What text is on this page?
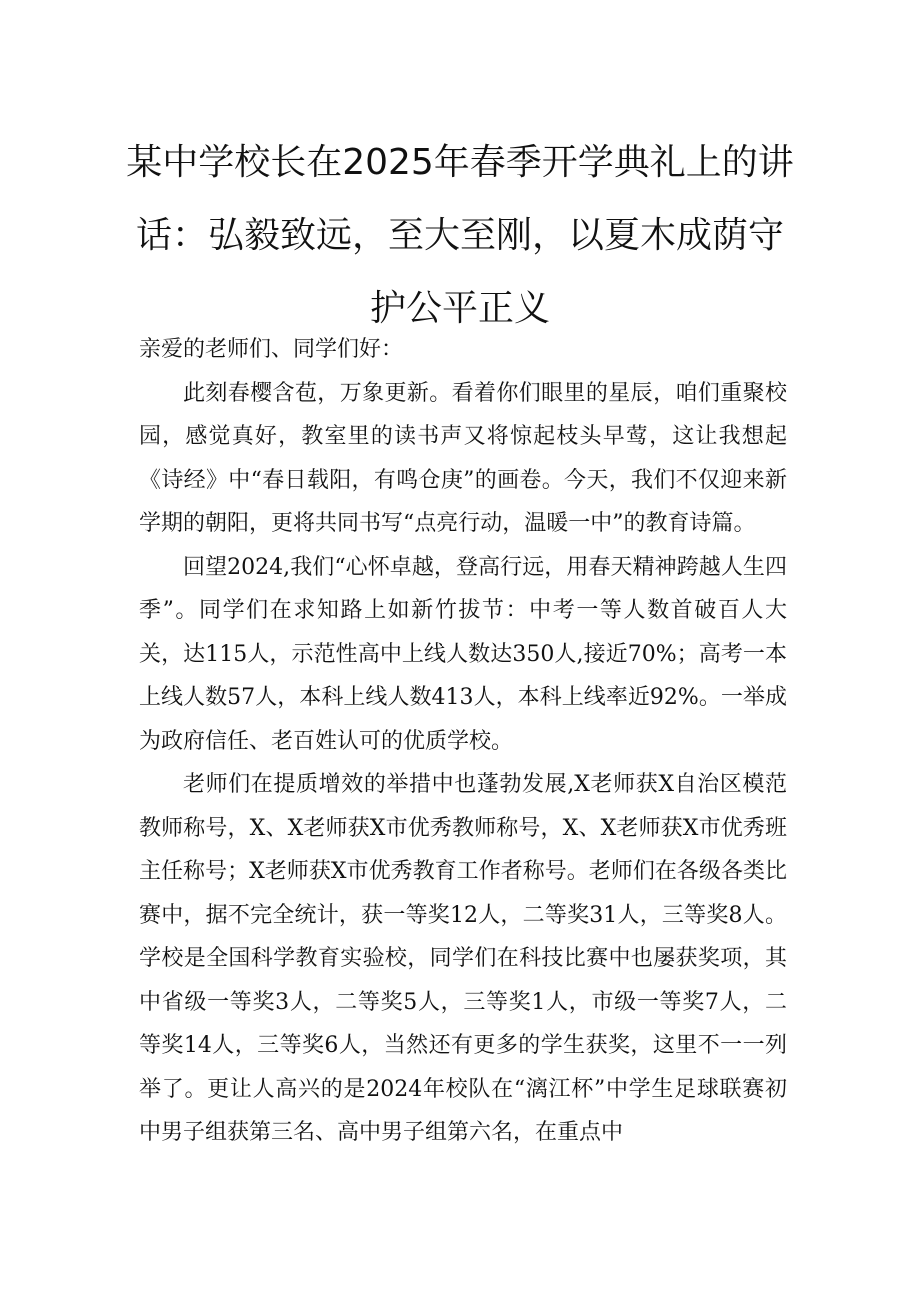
某中学校长在2025年春季开学典礼上的讲话：弘毅致远，至大至刚，以夏木成荫守护公平正义

亲爱的老师们、同学们好：

此刻春樱含苞，万象更新。看着你们眼里的星辰，咱们重聚校园，感觉真好，教室里的读书声又将惊起枝头早莺，这让我想起《诗经》中“春日载阳，有鸣仓庚”的画卷。今天，我们不仅迎来新学期的朝阳，更将共同书写“点亮行动，温暖一中”的教育诗篇。

回望2024,我们“心怀卓越，登高行远，用春天精神跨越人生四季”。同学们在求知路上如新竹拔节：中考一等人数首破百人大关，达115人，示范性高中上线人数达350人,接近70%；高考一本上线人数57人，本科上线人数413人，本科上线率近92%。一举成为政府信任、老百姓认可的优质学校。

老师们在提质增效的举措中也蓬勃发展,X老师获X自治区模范教师称号，X、X老师获X市优秀教师称号，X、X老师获X市优秀班主任称号；X老师获X市优秀教育工作者称号。老师们在各级各类比赛中，据不完全统计，获一等奖12人，二等奖31人，三等奖8人。学校是全国科学教育实验校，同学们在科技比赛中也屡获奖项，其中省级一等奖3人，二等奖5人，三等奖1人，市级一等奖7人，二等奖14人，三等奖6人，当然还有更多的学生获奖，这里不一一列举了。更让人高兴的是2024年校队在“漓江杯”中学生足球联赛初中男子组获第三名、高中男子组第六名，在重点中
